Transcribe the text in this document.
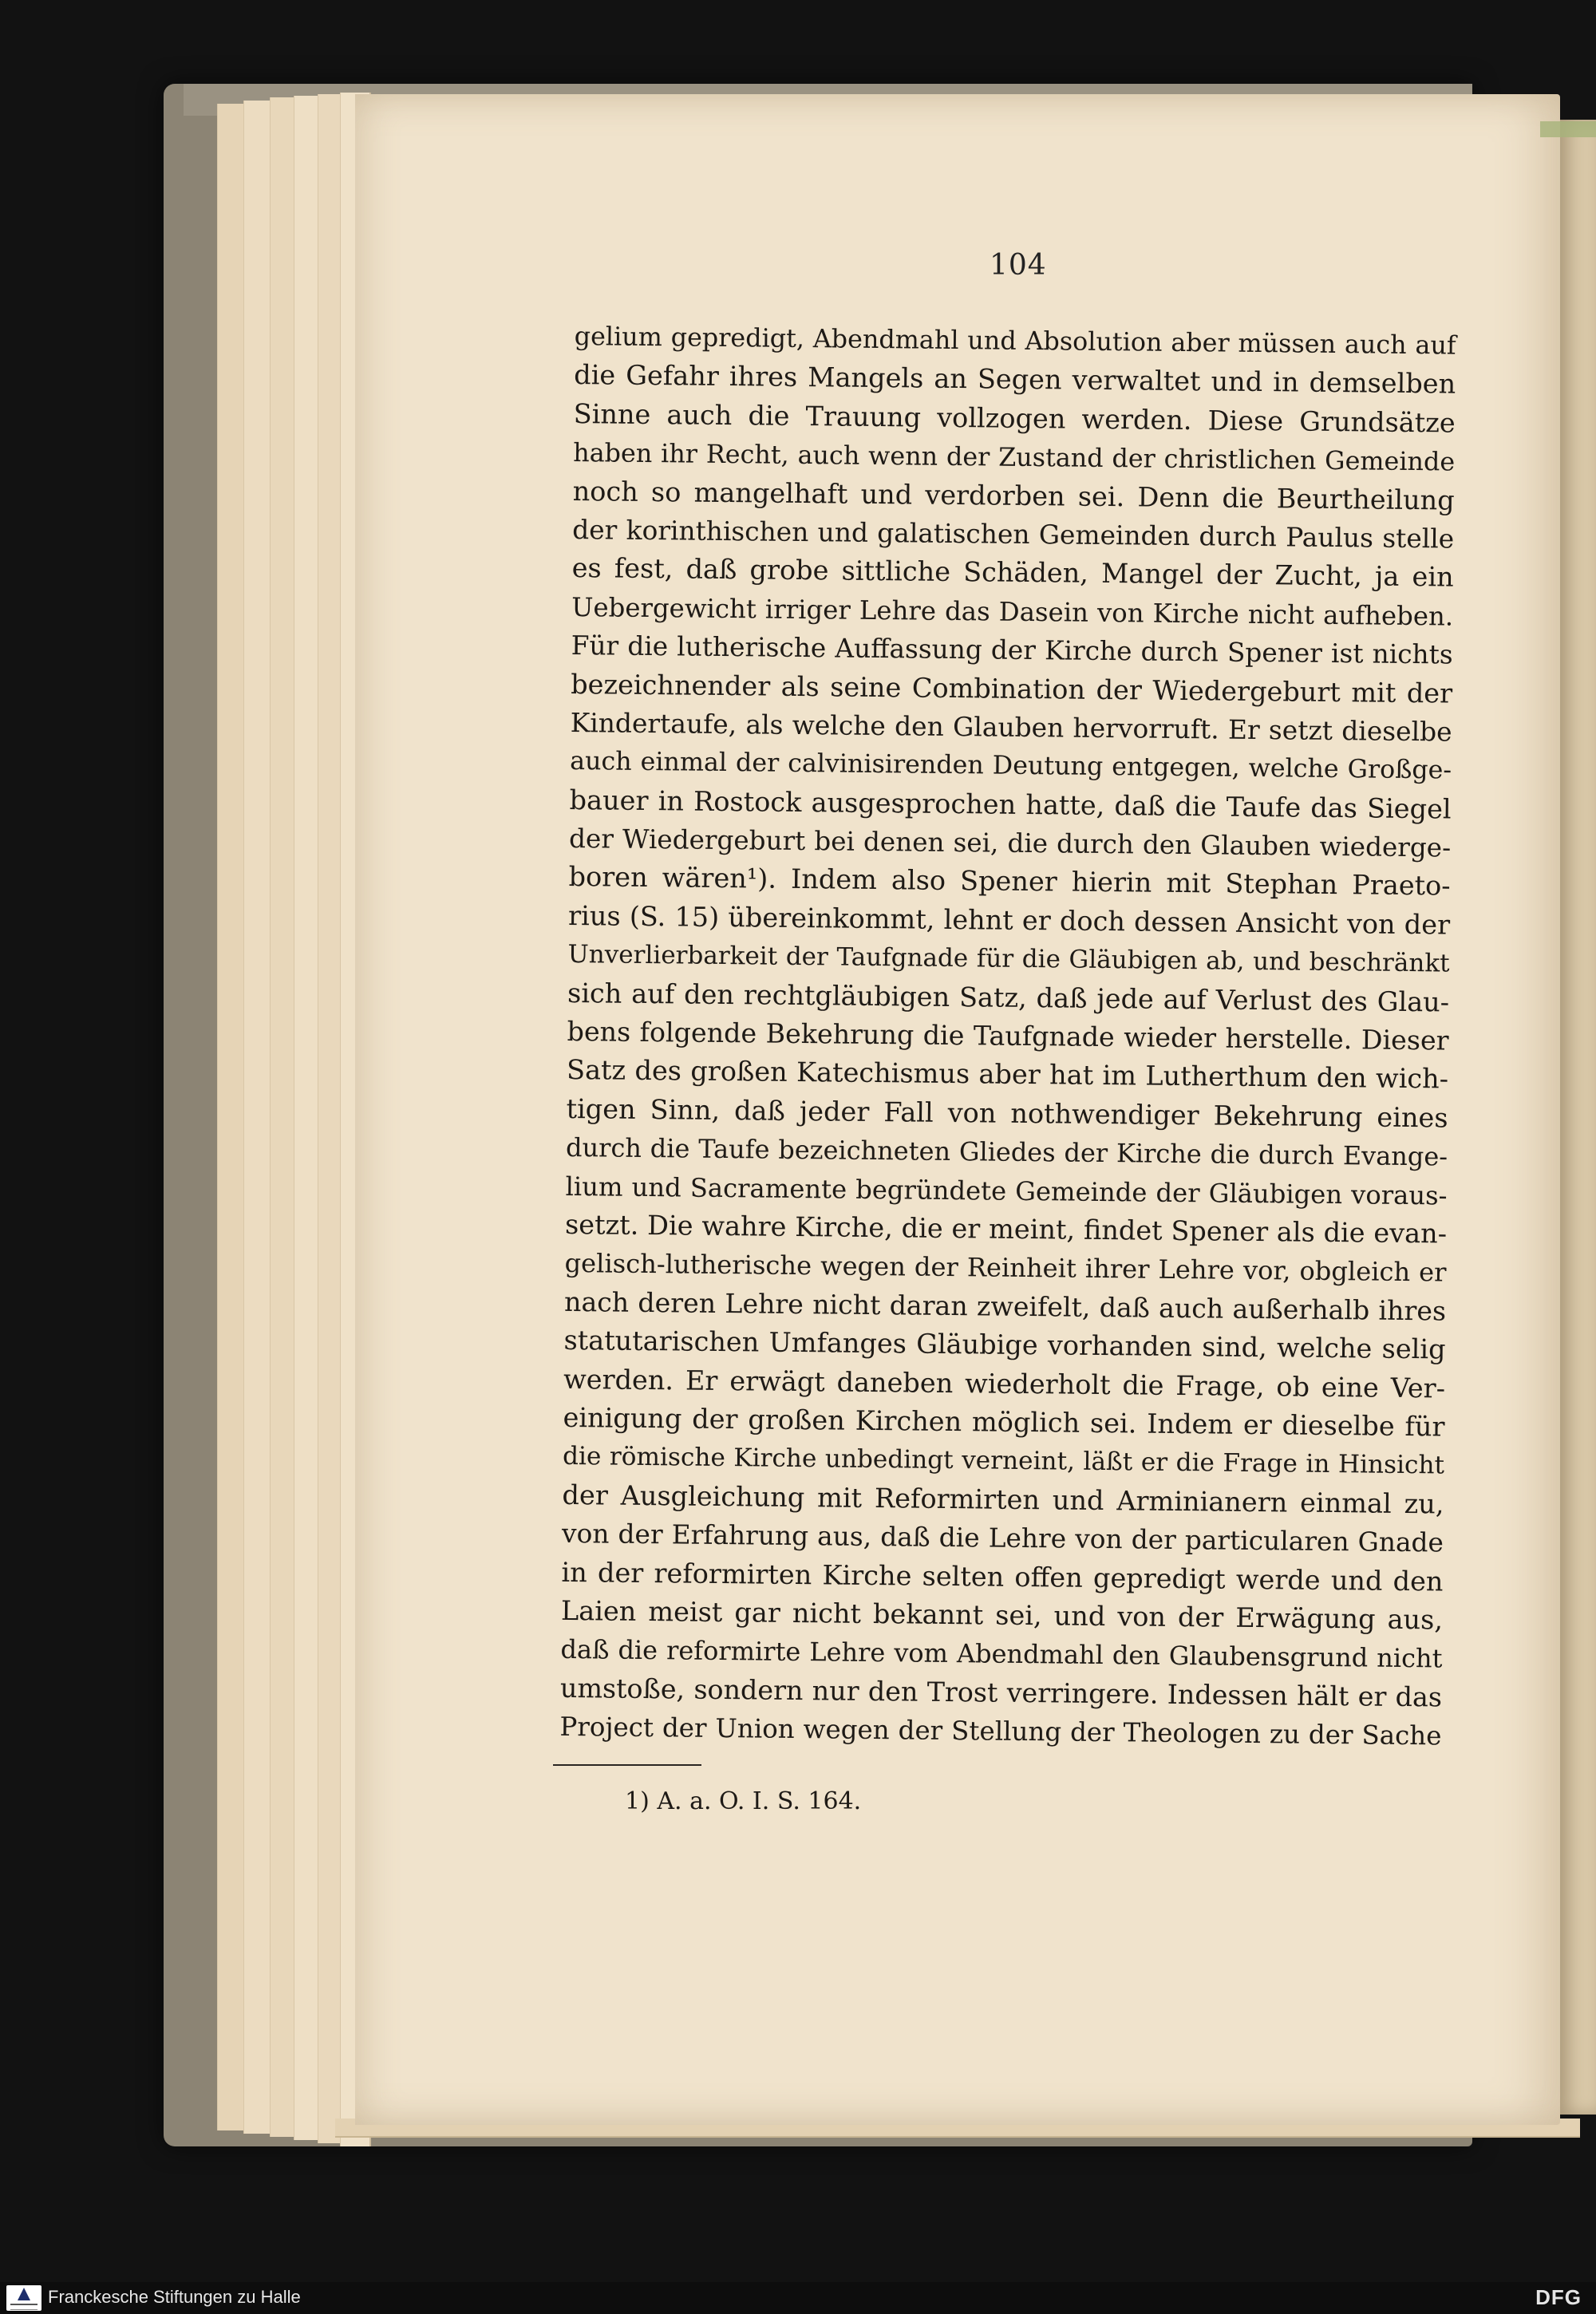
104
gelium gepredigt, Abendmahl und Absolution aber müssen auch auf
die Gefahr ihres Mangels an Segen verwaltet und in demselben
Sinne auch die Trauung vollzogen werden. Diese Grundsätze
haben ihr Recht, auch wenn der Zustand der christlichen Gemeinde
noch so mangelhaft und verdorben sei. Denn die Beurtheilung
der korinthischen und galatischen Gemeinden durch Paulus stelle
es fest, daß grobe sittliche Schäden, Mangel der Zucht, ja ein
Uebergewicht irriger Lehre das Dasein von Kirche nicht aufheben.
Für die lutherische Auffassung der Kirche durch Spener ist nichts
bezeichnender als seine Combination der Wiedergeburt mit der
Kindertaufe, als welche den Glauben hervorruft. Er setzt dieselbe
auch einmal der calvinisirenden Deutung entgegen, welche Großge-
bauer in Rostock ausgesprochen hatte, daß die Taufe das Siegel
der Wiedergeburt bei denen sei, die durch den Glauben wiederge-
boren wären¹). Indem also Spener hierin mit Stephan Praeto-
rius (S. 15) übereinkommt, lehnt er doch dessen Ansicht von der
Unverlierbarkeit der Taufgnade für die Gläubigen ab, und beschränkt
sich auf den rechtgläubigen Satz, daß jede auf Verlust des Glau-
bens folgende Bekehrung die Taufgnade wieder herstelle. Dieser
Satz des großen Katechismus aber hat im Lutherthum den wich-
tigen Sinn, daß jeder Fall von nothwendiger Bekehrung eines
durch die Taufe bezeichneten Gliedes der Kirche die durch Evange-
lium und Sacramente begründete Gemeinde der Gläubigen voraus-
setzt. Die wahre Kirche, die er meint, findet Spener als die evan-
gelisch-lutherische wegen der Reinheit ihrer Lehre vor, obgleich er
nach deren Lehre nicht daran zweifelt, daß auch außerhalb ihres
statutarischen Umfanges Gläubige vorhanden sind, welche selig
werden. Er erwägt daneben wiederholt die Frage, ob eine Ver-
einigung der großen Kirchen möglich sei. Indem er dieselbe für
die römische Kirche unbedingt verneint, läßt er die Frage in Hinsicht
der Ausgleichung mit Reformirten und Arminianern einmal zu,
von der Erfahrung aus, daß die Lehre von der particularen Gnade
in der reformirten Kirche selten offen gepredigt werde und den
Laien meist gar nicht bekannt sei, und von der Erwägung aus,
daß die reformirte Lehre vom Abendmahl den Glaubensgrund nicht
umstoße, sondern nur den Trost verringere. Indessen hält er das
Project der Union wegen der Stellung der Theologen zu der Sache
1) A. a. O. I. S. 164.
Franckesche Stiftungen zu Halle	DFG
